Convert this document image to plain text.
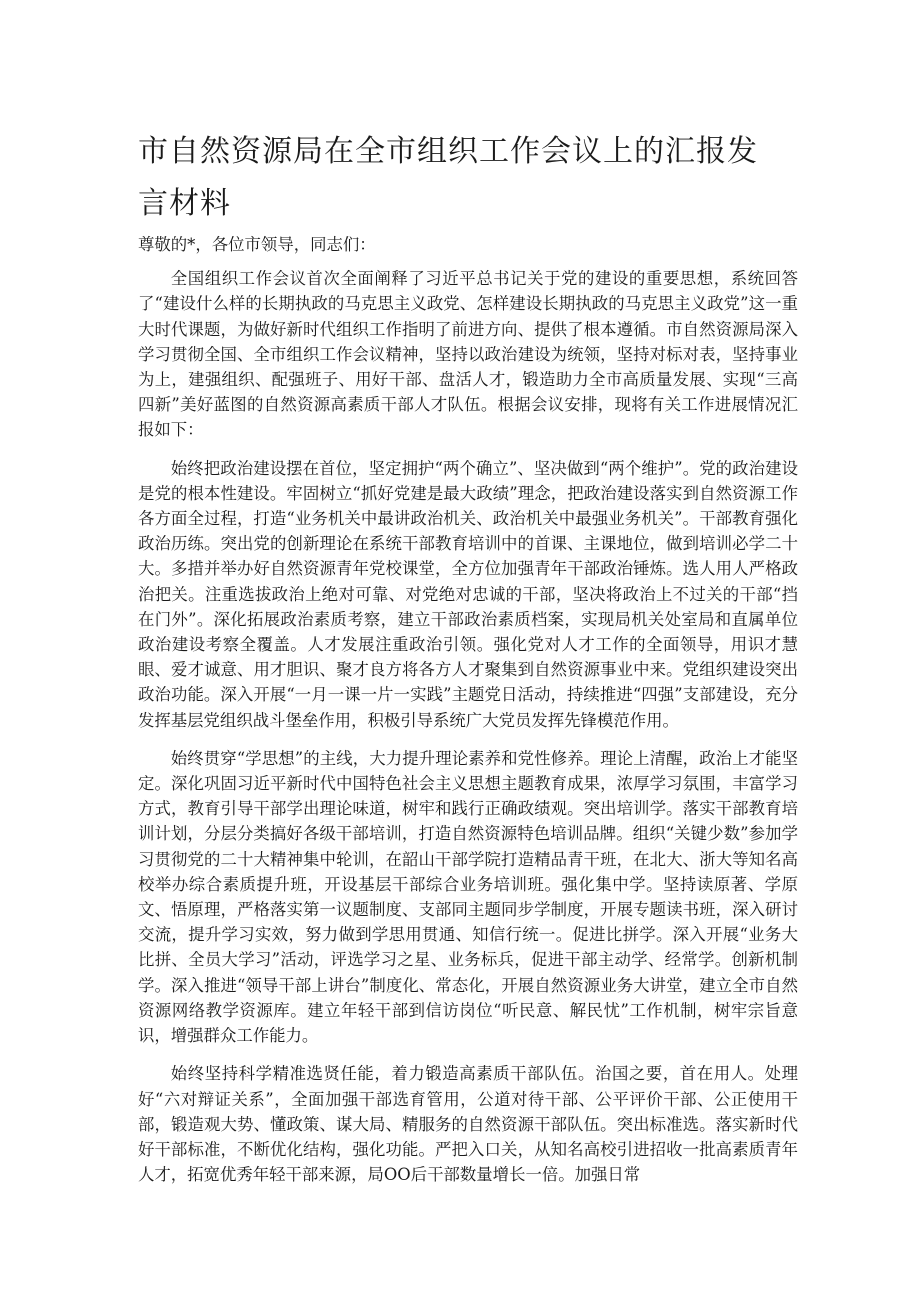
市自然资源局在全市组织工作会议上的汇报发言材料

尊敬的*，各位市领导，同志们：

全国组织工作会议首次全面阐释了习近平总书记关于党的建设的重要思想，系统回答了“建设什么样的长期执政的马克思主义政党、怎样建设长期执政的马克思主义政党”这一重大时代课题，为做好新时代组织工作指明了前进方向、提供了根本遵循。市自然资源局深入学习贯彻全国、全市组织工作会议精神，坚持以政治建设为统领，坚持对标对表，坚持事业为上，建强组织、配强班子、用好干部、盘活人才，锻造助力全市高质量发展、实现“三高四新”美好蓝图的自然资源高素质干部人才队伍。根据会议安排，现将有关工作进展情况汇报如下：

始终把政治建设摆在首位，坚定拥护“两个确立”、坚决做到“两个维护”。党的政治建设是党的根本性建设。牢固树立“抓好党建是最大政绩”理念，把政治建设落实到自然资源工作各方面全过程，打造“业务机关中最讲政治机关、政治机关中最强业务机关”。干部教育强化政治历练。突出党的创新理论在系统干部教育培训中的首课、主课地位，做到培训必学二十大。多措并举办好自然资源青年党校课堂，全方位加强青年干部政治锤炼。选人用人严格政治把关。注重选拔政治上绝对可靠、对党绝对忠诚的干部，坚决将政治上不过关的干部“挡在门外”。深化拓展政治素质考察，建立干部政治素质档案，实现局机关处室局和直属单位政治建设考察全覆盖。人才发展注重政治引领。强化党对人才工作的全面领导，用识才慧眼、爱才诚意、用才胆识、聚才良方将各方人才聚集到自然资源事业中来。党组织建设突出政治功能。深入开展“一月一课一片一实践”主题党日活动，持续推进“四强”支部建设，充分发挥基层党组织战斗堡垒作用，积极引导系统广大党员发挥先锋模范作用。

始终贯穿“学思想”的主线，大力提升理论素养和党性修养。理论上清醒，政治上才能坚定。深化巩固习近平新时代中国特色社会主义思想主题教育成果，浓厚学习氛围，丰富学习方式，教育引导干部学出理论味道，树牢和践行正确政绩观。突出培训学。落实干部教育培训计划，分层分类搞好各级干部培训，打造自然资源特色培训品牌。组织“关键少数”参加学习贯彻党的二十大精神集中轮训，在韶山干部学院打造精品青干班，在北大、浙大等知名高校举办综合素质提升班，开设基层干部综合业务培训班。强化集中学。坚持读原著、学原文、悟原理，严格落实第一议题制度、支部同主题同步学制度，开展专题读书班，深入研讨交流，提升学习实效，努力做到学思用贯通、知信行统一。促进比拼学。深入开展“业务大比拼、全员大学习”活动，评选学习之星、业务标兵，促进干部主动学、经常学。创新机制学。深入推进“领导干部上讲台”制度化、常态化，开展自然资源业务大讲堂，建立全市自然资源网络教学资源库。建立年轻干部到信访岗位“听民意、解民忧”工作机制，树牢宗旨意识，增强群众工作能力。

始终坚持科学精准选贤任能，着力锻造高素质干部队伍。治国之要，首在用人。处理好“六对辩证关系”，全面加强干部选育管用，公道对待干部、公平评价干部、公正使用干部，锻造观大势、懂政策、谋大局、精服务的自然资源干部队伍。突出标准选。落实新时代好干部标准，不断优化结构，强化功能。严把入口关，从知名高校引进招收一批高素质青年人才，拓宽优秀年轻干部来源，局OO后干部数量增长一倍。加强日常
